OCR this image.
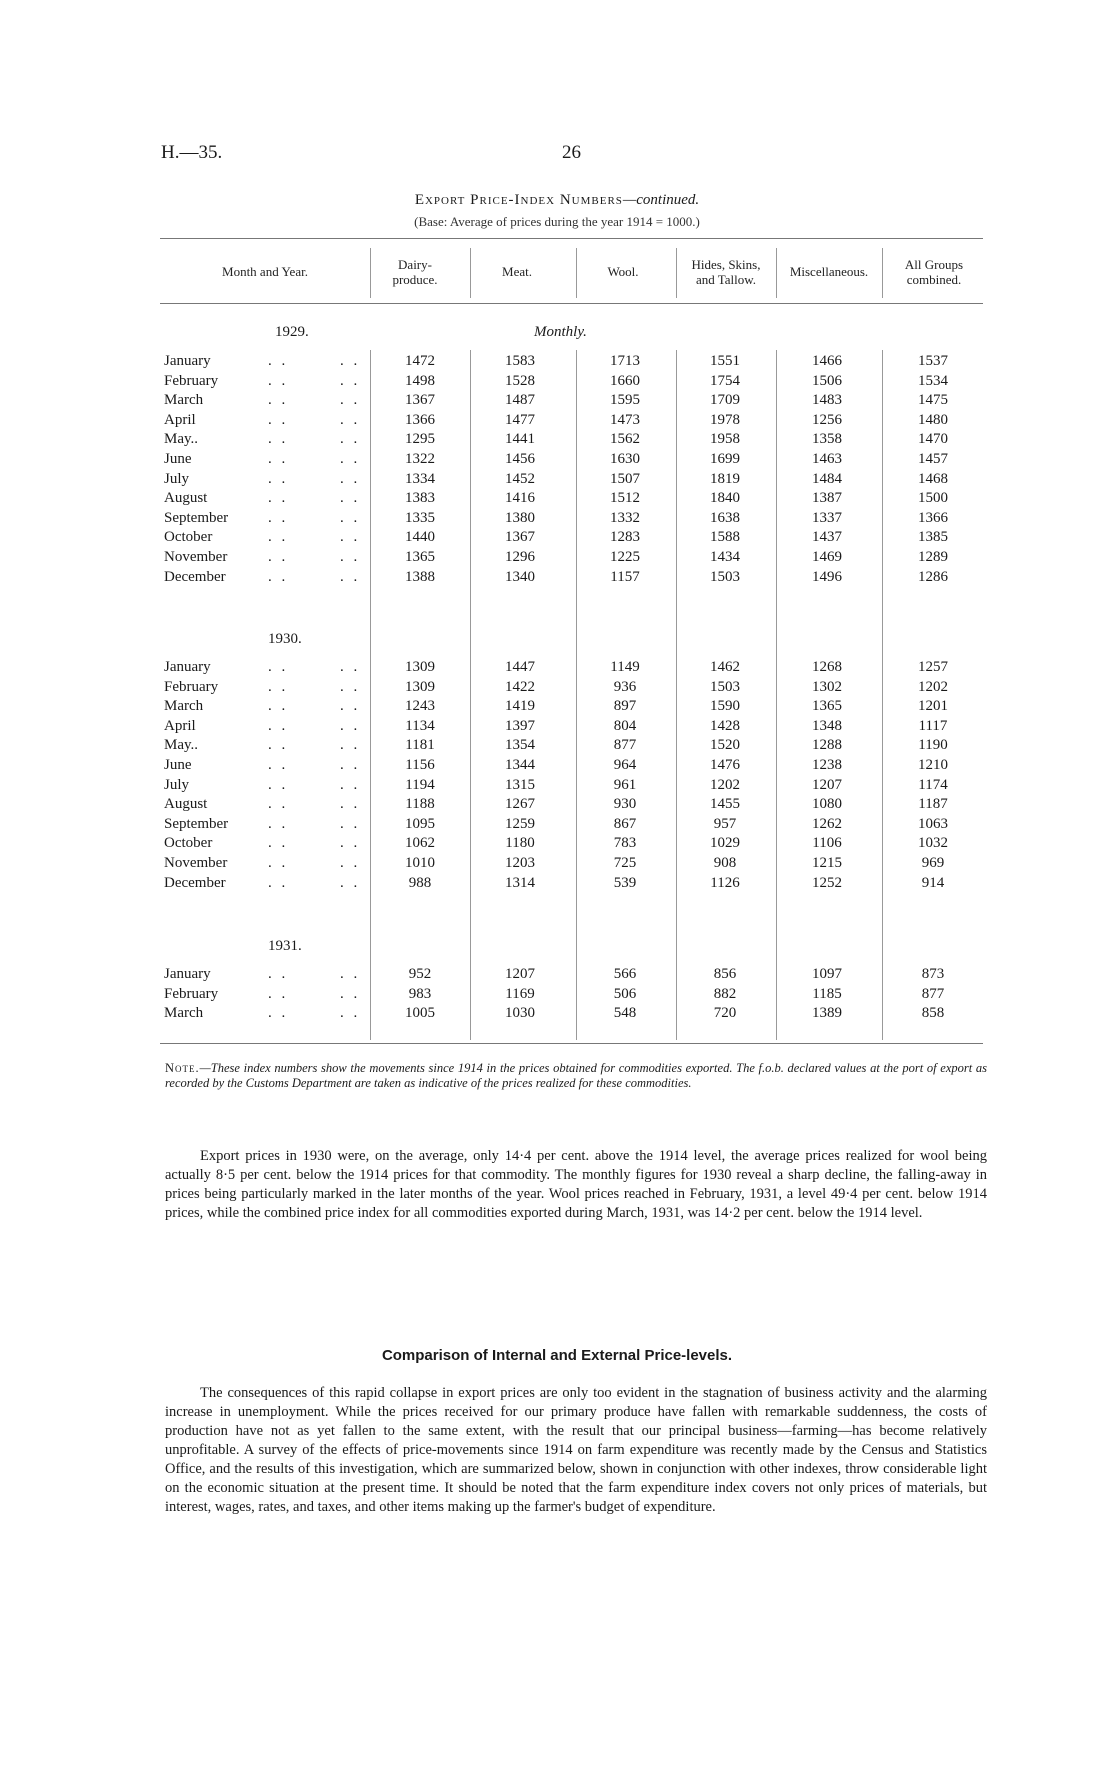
H.—35.	26
Export Price-Index Numbers—continued.
(Base: Average of prices during the year 1914 = 1000.)
Month and Year.	Dairy-
produce.
Meat.	Wool.	Hides, Skins,
and Tallow.
Miscellaneous.	All Groups
combined.
Monthly.
1929.
January	. .	. .	1472	1583	1713	1551	1466	1537
February	. .	. .	1498	1528	1660	1754	1506	1534
March	. .	. .	1367	1487	1595	1709	1483	1475
April	. .	. .	1366	1477	1473	1978	1256	1480
May..	. .	. .	1295	1441	1562	1958	1358	1470
June	. .	. .	1322	1456	1630	1699	1463	1457
July	. .	. .	1334	1452	1507	1819	1484	1468
August	. .	. .	1383	1416	1512	1840	1387	1500
September	. .	. .	1335	1380	1332	1638	1337	1366
October	. .	. .	1440	1367	1283	1588	1437	1385
November	. .	. .	1365	1296	1225	1434	1469	1289
December	. .	. .	1388	1340	1157	1503	1496	1286
1930.
January	. .	. .	1309	1447	1149	1462	1268	1257
February	. .	. .	1309	1422	936	1503	1302	1202
March	. .	. .	1243	1419	897	1590	1365	1201
April	. .	. .	1134	1397	804	1428	1348	1117
May..	. .	. .	1181	1354	877	1520	1288	1190
June	. .	. .	1156	1344	964	1476	1238	1210
July	. .	. .	1194	1315	961	1202	1207	1174
August	. .	. .	1188	1267	930	1455	1080	1187
September	. .	. .	1095	1259	867	957	1262	1063
October	. .	. .	1062	1180	783	1029	1106	1032
November	. .	. .	1010	1203	725	908	1215	969
December	. .	. .	988	1314	539	1126	1252	914
1931.
January	. .	. .	952	1207	566	856	1097	873
February	. .	. .	983	1169	506	882	1185	877
March	. .	. .	1005	1030	548	720	1389	858
Note.—These index numbers show the movements since 1914 in the prices obtained for commodities exported. The f.o.b. declared values at the port of export as recorded by the Customs Department are taken as indicative of the prices realized for these commodities.
Export prices in 1930 were, on the average, only 14·4 per cent. above the 1914 level, the average prices realized for wool being actually 8·5 per cent. below the 1914 prices for that commodity. The monthly figures for 1930 reveal a sharp decline, the falling-away in prices being particularly marked in the later months of the year. Wool prices reached in February, 1931, a level 49·4 per cent. below 1914 prices, while the combined price index for all commodities exported during March, 1931, was 14·2 per cent. below the 1914 level.
Comparison of Internal and External Price-levels.
The consequences of this rapid collapse in export prices are only too evident in the stagnation of business activity and the alarming increase in unemployment. While the prices received for our primary produce have fallen with remarkable suddenness, the costs of production have not as yet fallen to the same extent, with the result that our principal business—farming—has become relatively unprofitable. A survey of the effects of price-movements since 1914 on farm expenditure was recently made by the Census and Statistics Office, and the results of this investigation, which are summarized below, shown in conjunction with other indexes, throw considerable light on the economic situation at the present time. It should be noted that the farm expenditure index covers not only prices of materials, but interest, wages, rates, and taxes, and other items making up the farmer's budget of expenditure.
